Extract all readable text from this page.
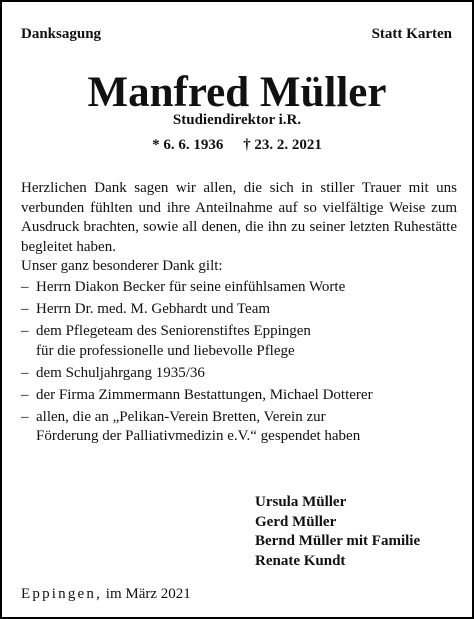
Danksagung	Statt Karten
Manfred Müller
Studiendirektor i.R.
* 6. 6. 1936 † 23. 2. 2021
Herzlichen Dank sagen wir allen, die sich in stiller Trauer mit uns verbunden fühlten und ihre Anteilnahme auf so vielfältige Weise zum Ausdruck brachten, sowie all denen, die ihn zu seiner letzten Ruhestätte begleitet haben.
Unser ganz besonderer Dank gilt:
– Herrn Diakon Becker für seine einfühlsamen Worte
– Herrn Dr. med. M. Gebhardt und Team
– dem Pflegeteam des Seniorenstiftes Eppingen
für die professionelle und liebevolle Pflege
– dem Schuljahrgang 1935/36
– der Firma Zimmermann Bestattungen, Michael Dotterer
– allen, die an „Pelikan-Verein Bretten, Verein zur
Förderung der Palliativmedizin e.V.“ gespendet haben
Ursula Müller
Gerd Müller
Bernd Müller mit Familie
Renate Kundt
Eppingen, im März 2021
